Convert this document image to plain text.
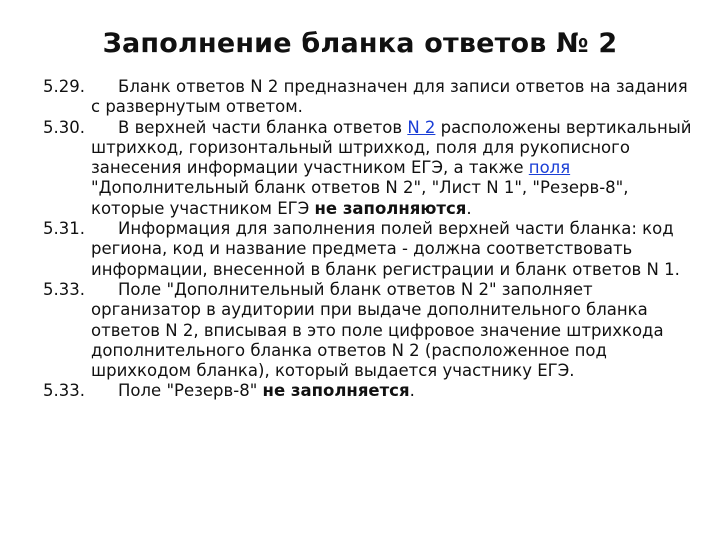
Заполнение бланка ответов № 2
5.29.	Бланк ответов N 2 предназначен для записи ответов на задания с развернутым ответом.
5.30.	В верхней части бланка ответов N 2 расположены вертикальный штрихкод, горизонтальный штрихкод, поля для рукописного занесения информации участником ЕГЭ, а также поля "Дополнительный бланк ответов N 2", "Лист N 1", "Резерв-8", которые участником ЕГЭ не заполняются.
5.31.	Информация для заполнения полей верхней части бланка: код региона, код и название предмета - должна соответствовать информации, внесенной в бланк регистрации и бланк ответов N 1.
5.33.	Поле "Дополнительный бланк ответов N 2" заполняет организатор в аудитории при выдаче дополнительного бланка ответов N 2, вписывая в это поле цифровое значение штрихкода дополнительного бланка ответов N 2 (расположенное под шрихкодом бланка), который выдается участнику ЕГЭ.
5.33.	Поле "Резерв-8" не заполняется.
